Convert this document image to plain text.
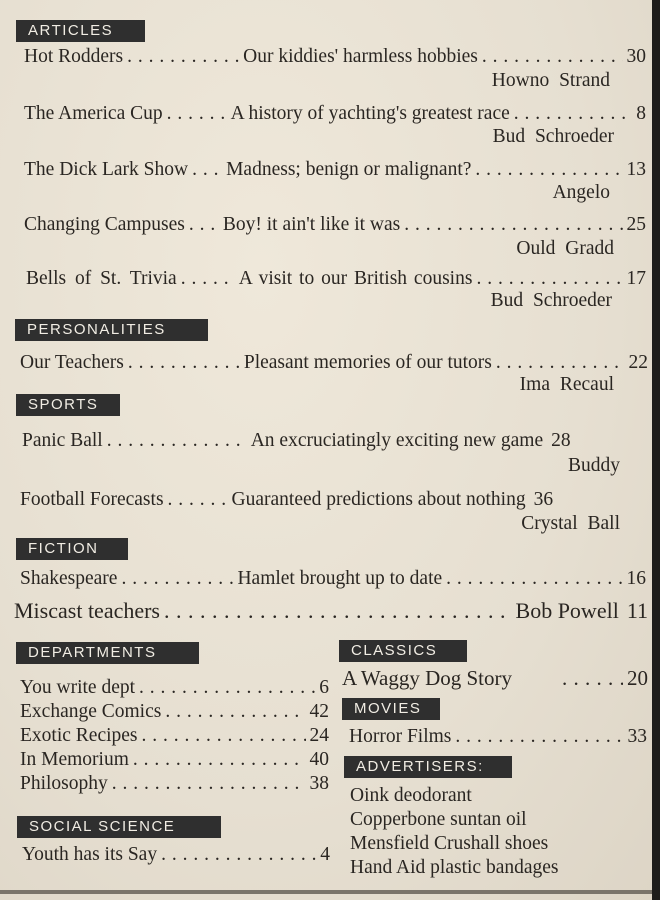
ARTICLES
Hot Rodders . . .	Our kiddies' harmless hobbies . . .	30
Howno Strand
The America Cup . . .	A history of yachting's greatest race . . .	8
Bud Schroeder
The Dick Lark Show . . . Madness; benign or malignant? . . .	13
Angelo
Changing Campuses . . . Boy! it ain't like it was . . .	25
Ould Gradd
Bells of St. Trivia . . .	A visit to our British cousins . . .	17
Bud Schroeder
PERSONALITIES
Our Teachers . . .	Pleasant memories of our tutors . . .	22
Ima Recaul
SPORTS
Panic Ball . . .	An excruciatingly exciting new game 28
Buddy
Football Forecasts . . .	Guaranteed predictions about nothing 36
Crystal Ball
FICTION
Shakespeare . . .	Hamlet brought up to date . . .	16
Miscast teachers . . .	Bob Powell 11
DEPARTMENTS
You write dept . . .	6
Exchange Comics . . .	42
Exotic Recipes . . .	24
In Memorium . . .	40
Philosophy . . .	38
SOCIAL SCIENCE
Youth has its Say . . .	4
CLASSICS
A Waggy Dog Story . . .	20
MOVIES
Horror Films . . .	33
ADVERTISERS:
Oink deodorant
Copperbone suntan oil
Mensfield Crushall shoes
Hand Aid plastic bandages
